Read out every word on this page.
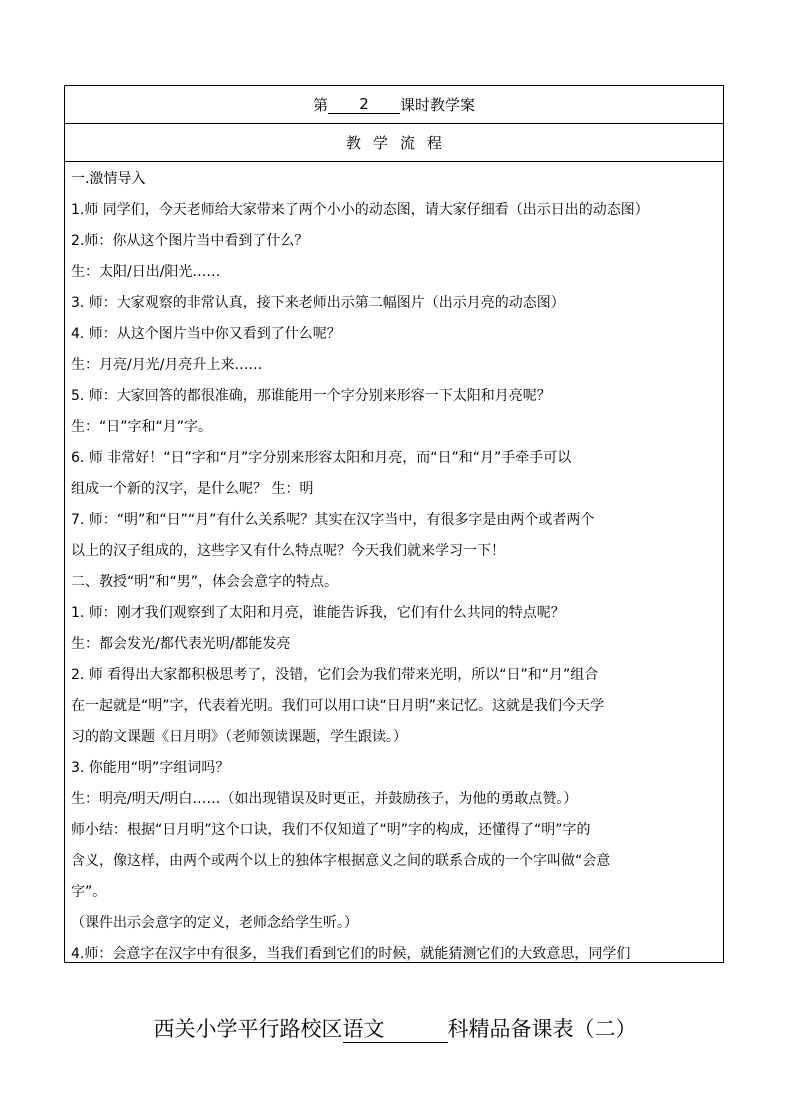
第	2	课时教学案
教学流程
一.激情导入
1.师 同学们，今天老师给大家带来了两个小小的动态图，请大家仔细看（出示日出的动态图）
2.师：你从这个图片当中看到了什么？
生：太阳/日出/阳光……
3. 师：大家观察的非常认真，接下来老师出示第二幅图片（出示月亮的动态图）
4. 师：从这个图片当中你又看到了什么呢？
生：月亮/月光/月亮升上来……
5. 师：大家回答的都很准确，那谁能用一个字分别来形容一下太阳和月亮呢？
生：“日”字和“月”字。
6. 师 非常好！“日”字和“月”字分别来形容太阳和月亮，而“日”和“月”手牵手可以
组成一个新的汉字，是什么呢？ 生：明
7. 师：“明”和“日”“月”有什么关系呢？其实在汉字当中，有很多字是由两个或者两个
以上的汉子组成的，这些字又有什么特点呢？今天我们就来学习一下！
二、教授“明”和“男”，体会会意字的特点。
1. 师：刚才我们观察到了太阳和月亮，谁能告诉我，它们有什么共同的特点呢？
生：都会发光/都代表光明/都能发亮
2. 师 看得出大家都积极思考了，没错，它们会为我们带来光明，所以“日”和“月”组合
在一起就是“明”字，代表着光明。我们可以用口诀“日月明”来记忆。这就是我们今天学
习的韵文课题《日月明》（老师领读课题，学生跟读。）
3. 你能用“明”字组词吗？
生：明亮/明天/明白……（如出现错误及时更正，并鼓励孩子，为他的勇敢点赞。）
师小结：根据“日月明”这个口诀，我们不仅知道了“明”字的构成，还懂得了“明”字的
含义，像这样，由两个或两个以上的独体字根据意义之间的联系合成的一个字叫做“会意
字”。
（课件出示会意字的定义，老师念给学生听。）
4.师：会意字在汉字中有很多，当我们看到它们的时候，就能猜测它们的大致意思，同学们
西关小学平行路校区语文	科精品备课表（二）
